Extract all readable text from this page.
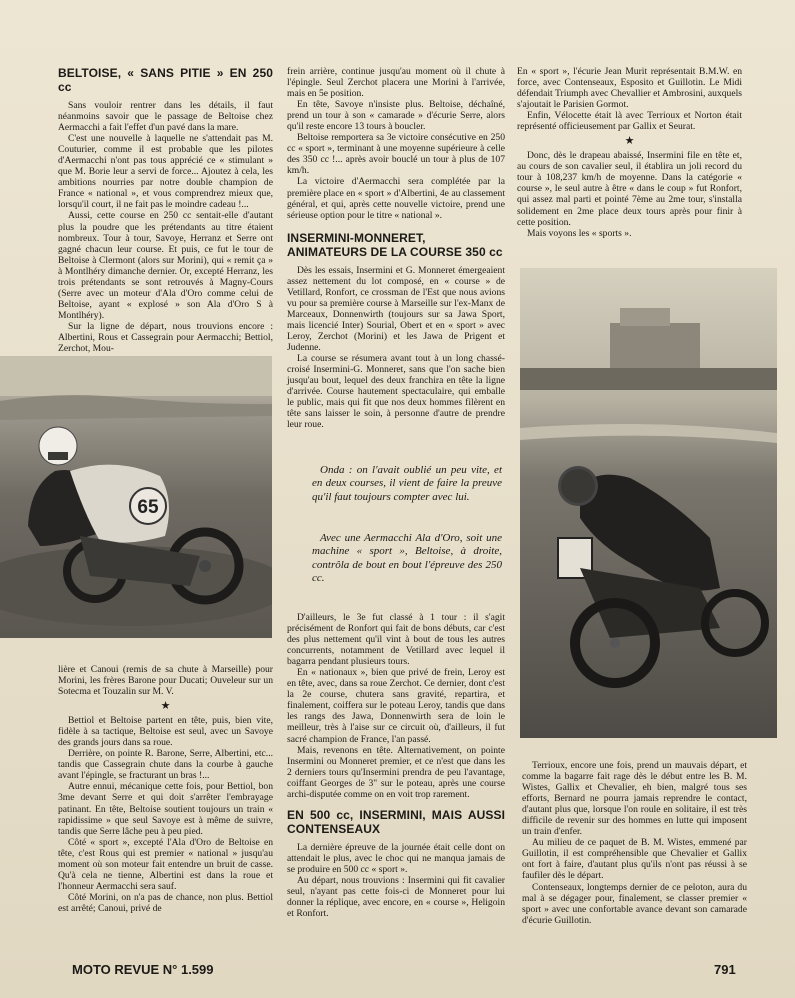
BELTOISE, « SANS PITIE » EN 250 cc

Sans vouloir rentrer dans les détails, il faut néanmoins savoir que le passage de Beltoise chez Aermacchi a fait l'effet d'un pavé dans la mare.

C'est une nouvelle à laquelle ne s'attendait pas M. Couturier, comme il est probable que les pilotes d'Aermacchi n'ont pas tous apprécié ce « stimulant » que M. Borie leur a servi de force... Ajoutez à cela, les ambitions nourries par notre double champion de France « national », et vous comprendrez mieux que, lorsqu'il court, il ne fait pas le moindre cadeau !...

Aussi, cette course en 250 cc sentait-elle d'autant plus la poudre que les prétendants au titre étaient nombreux. Tour à tour, Savoye, Herranz et Serre ont gagné chacun leur course. Et puis, ce fut le tour de Beltoise à Clermont (alors sur Morini), qui « remit ça » à Montlhéry dimanche dernier. Or, excepté Herranz, les trois prétendants se sont retrouvés à Magny-Cours (Serre avec un moteur d'Ala d'Oro comme celui de Beltoise, ayant « explosé » son Ala d'Oro S à Montlhéry).

Sur la ligne de départ, nous trouvions encore : Albertini, Rous et Cassegrain pour Aermacchi; Bettiol, Zerchot, Mou-

65

lière et Canoui (remis de sa chute à Marseille) pour Morini, les frères Barone pour Ducati; Ouveleur sur un Sotecma et Touzalin sur M. V.

★

Bettiol et Beltoise partent en tête, puis, bien vite, fidèle à sa tactique, Beltoise est seul, avec un Savoye des grands jours dans sa roue.

Derrière, on pointe R. Barone, Serre, Albertini, etc... tandis que Cassegrain chute dans la courbe à gauche avant l'épingle, se fracturant un bras !...

Autre ennui, mécanique cette fois, pour Bettiol, bon 3me devant Serre et qui doit s'arrêter l'embrayage patinant. En tête, Beltoise soutient toujours un train « rapidissime » que seul Savoye est à même de suivre, tandis que Serre lâche peu à peu pied.

Côté « sport », excepté l'Ala d'Oro de Beltoise en tête, c'est Rous qui est premier « national » jusqu'au moment où son moteur fait entendre un bruit de casse. Qu'à cela ne tienne, Albertini est dans la roue et l'honneur Aermacchi sera sauf.

Côté Morini, on n'a pas de chance, non plus. Bettiol est arrêté; Canoui, privé de

frein arrière, continue jusqu'au moment où il chute à l'épingle. Seul Zerchot placera une Morini à l'arrivée, mais en 5e position.

En tête, Savoye n'insiste plus. Beltoise, déchaîné, prend un tour à son « camarade » d'écurie Serre, alors qu'il reste encore 13 tours à boucler.

Beltoise remportera sa 3e victoire consécutive en 250 cc « sport », terminant à une moyenne supérieure à celle des 350 cc !... après avoir bouclé un tour à plus de 107 km/h.

La victoire d'Aermacchi sera complétée par la première place en « sport » d'Albertini, 4e au classement général, et qui, après cette nouvelle victoire, prend une sérieuse option pour le titre « national ».

INSERMINI-MONNERET, ANIMATEURS DE LA COURSE 350 cc

Dès les essais, Insermini et G. Monneret émergeaient assez nettement du lot composé, en « course » de Vetillard, Ronfort, ce crossman de l'Est que nous avions vu pour sa première course à Marseille sur l'ex-Manx de Marceaux, Donnenwirth (toujours sur sa Jawa Sport, mais licencié Inter) Sourial, Obert et en « sport » avec Leroy, Zerchot (Morini) et les Jawa de Prigent et Judenne.

La course se résumera avant tout à un long chassé-croisé Insermini-G. Monneret, sans que l'on sache bien jusqu'au bout, lequel des deux franchira en tête la ligne d'arrivée. Course hautement spectaculaire, qui emballe le public, mais qui fit que nos deux hommes filèrent en tête sans laisser le soin, à personne d'autre de prendre leur roue.

Onda : on l'avait oublié un peu vite, et en deux courses, il vient de faire la preuve qu'il faut toujours compter avec lui.

Avec une Aermacchi Ala d'Oro, soit une machine « sport », Beltoise, à droite, contrôla de bout en bout l'épreuve des 250 cc.

D'ailleurs, le 3e fut classé à 1 tour : il s'agit précisément de Ronfort qui fait de bons débuts, car c'est des plus nettement qu'il vint à bout de tous les autres concurrents, notamment de Vetillard avec lequel il bagarra pendant plusieurs tours.

En « nationaux », bien que privé de frein, Leroy est en tête, avec, dans sa roue Zerchot. Ce dernier, dont c'est la 2e course, chutera sans gravité, repartira, et finalement, coiffera sur le poteau Leroy, tandis que dans les rangs des Jawa, Donnenwirth sera de loin le meilleur, très à l'aise sur ce circuit où, d'ailleurs, il fut sacré champion de France, l'an passé.

Mais, revenons en tête. Alternativement, on pointe Insermini ou Monneret premier, et ce n'est que dans les 2 derniers tours qu'Insermini prendra de peu l'avantage, coiffant Georges de 3" sur le poteau, après une course archi-disputée comme on en voit trop rarement.

EN 500 cc, INSERMINI, MAIS AUSSI CONTENSEAUX

La dernière épreuve de la journée était celle dont on attendait le plus, avec le choc qui ne manqua jamais de se produire en 500 cc « sport ».

Au départ, nous trouvions : Insermini qui fit cavalier seul, n'ayant pas cette fois-ci de Monneret pour lui donner la réplique, avec encore, en « course », Heligoin et Ronfort.

En « sport », l'écurie Jean Murit représentait B.M.W. en force, avec Contenseaux, Esposito et Guillotin. Le Midi défendait Triumph avec Chevallier et Ambrosini, auxquels s'ajoutait le Parisien Gormot.

Enfin, Vélocette était là avec Terrioux et Norton était représenté officieusement par Gallix et Seurat.

★

Donc, dès le drapeau abaissé, Insermini file en tête et, au cours de son cavalier seul, il établira un joli record du tour à 108,237 km/h de moyenne. Dans la catégorie « course », le seul autre à être « dans le coup » fut Ronfort, qui assez mal parti et pointé 7ème au 2me tour, s'installa solidement en 2me place deux tours après pour finir à cette position.

Mais voyons les « sports ».

Terrioux, encore une fois, prend un mauvais départ, et comme la bagarre fait rage dès le début entre les B. M. Wistes, Gallix et Chevalier, eh bien, malgré tous ses efforts, Bernard ne pourra jamais reprendre le contact, d'autant plus que, lorsque l'on roule en solitaire, il est très difficile de revenir sur des hommes en lutte qui imposent un train d'enfer.

Au milieu de ce paquet de B. M. Wistes, emmené par Guillotin, il est compréhensible que Chevalier et Gallix ont fort à faire, d'autant plus qu'ils n'ont pas réussi à se faufiler dès le départ.

Contenseaux, longtemps dernier de ce peloton, aura du mal à se dégager pour, finalement, se classer premier « sport » avec une confortable avance devant son camarade d'écurie Guillotin.

MOTO REVUE N° 1.599	791
